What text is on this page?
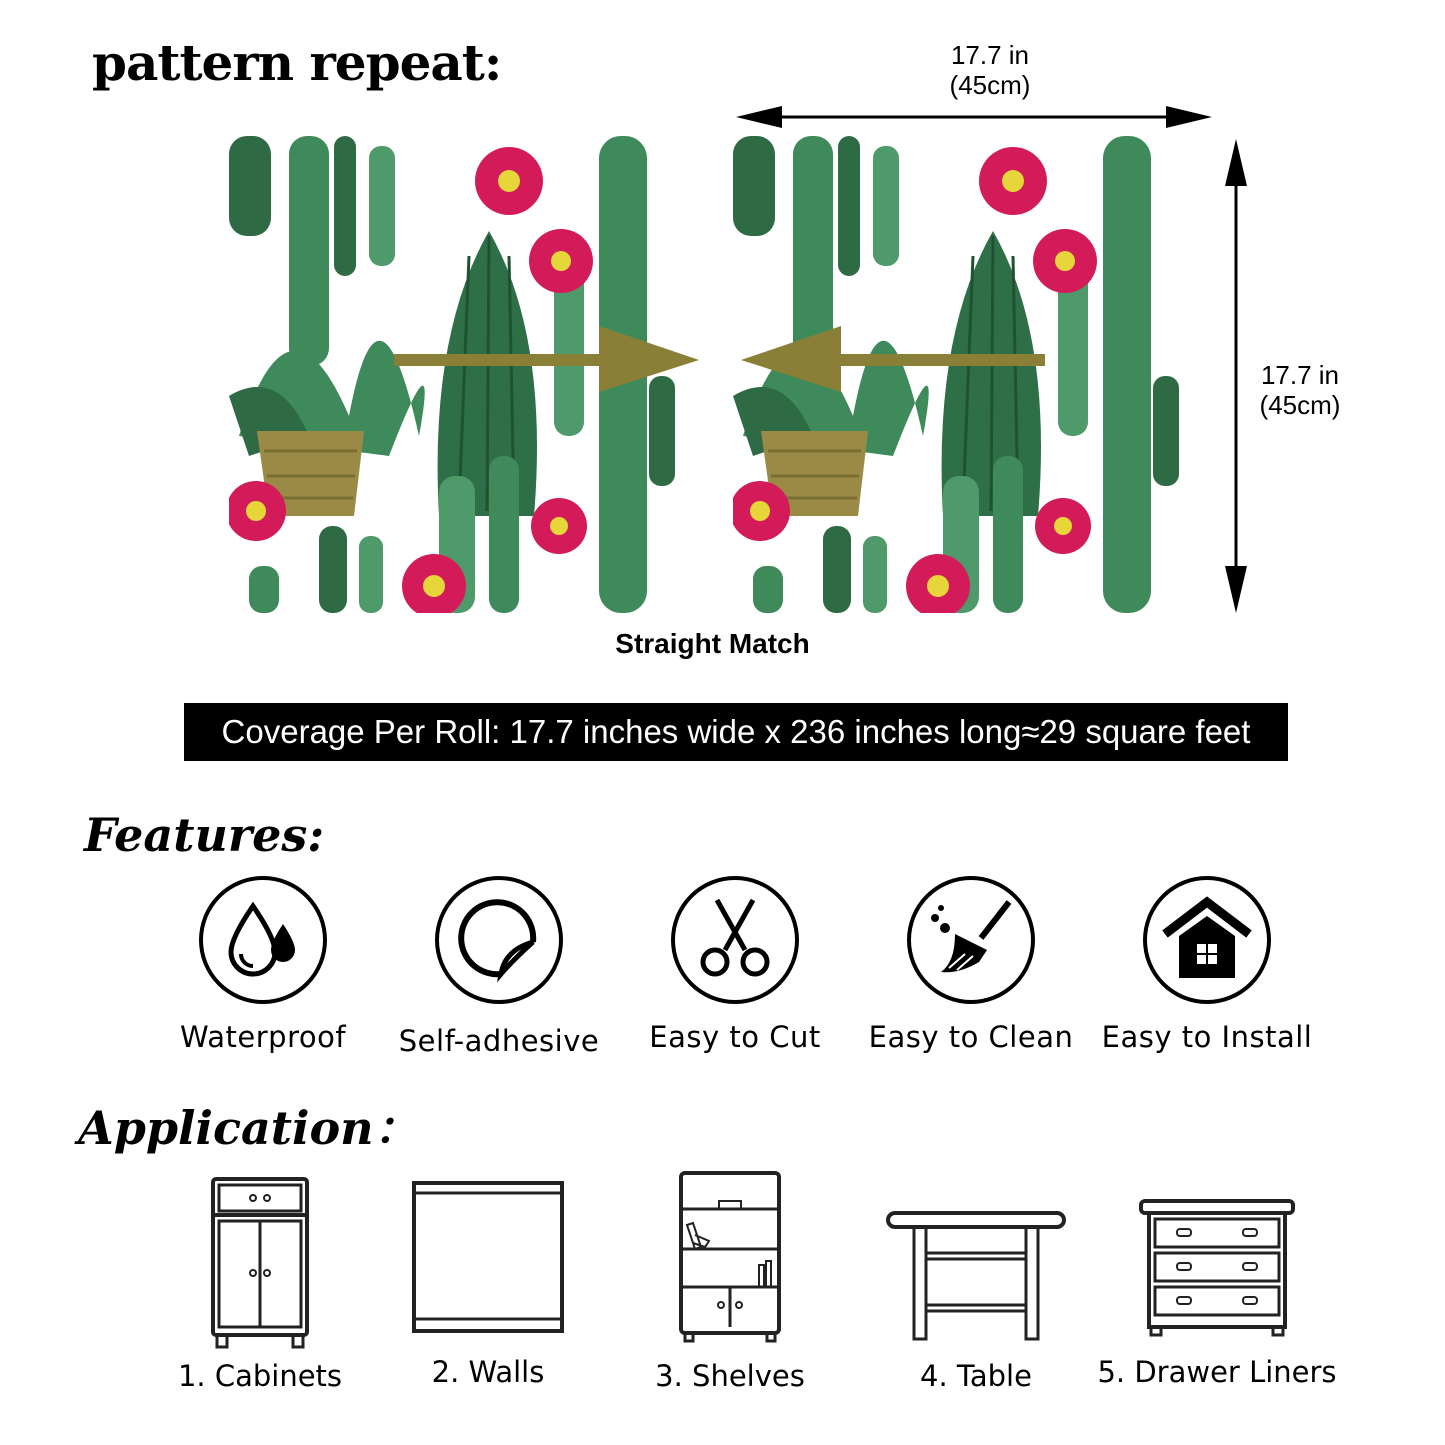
pattern repeat:	17.7 in
(45cm)
17.7 in
(45cm)
Straight Match
Coverage Per Roll: 17.7 inches wide x 236 inches long≈29 square feet
Features:
Waterproof	Self-adhesive	Easy to Cut	Easy to Clean Easy to Install
Application：
1. Cabinets	2. Walls	3. Shelves	4. Table	5. Drawer Liners
